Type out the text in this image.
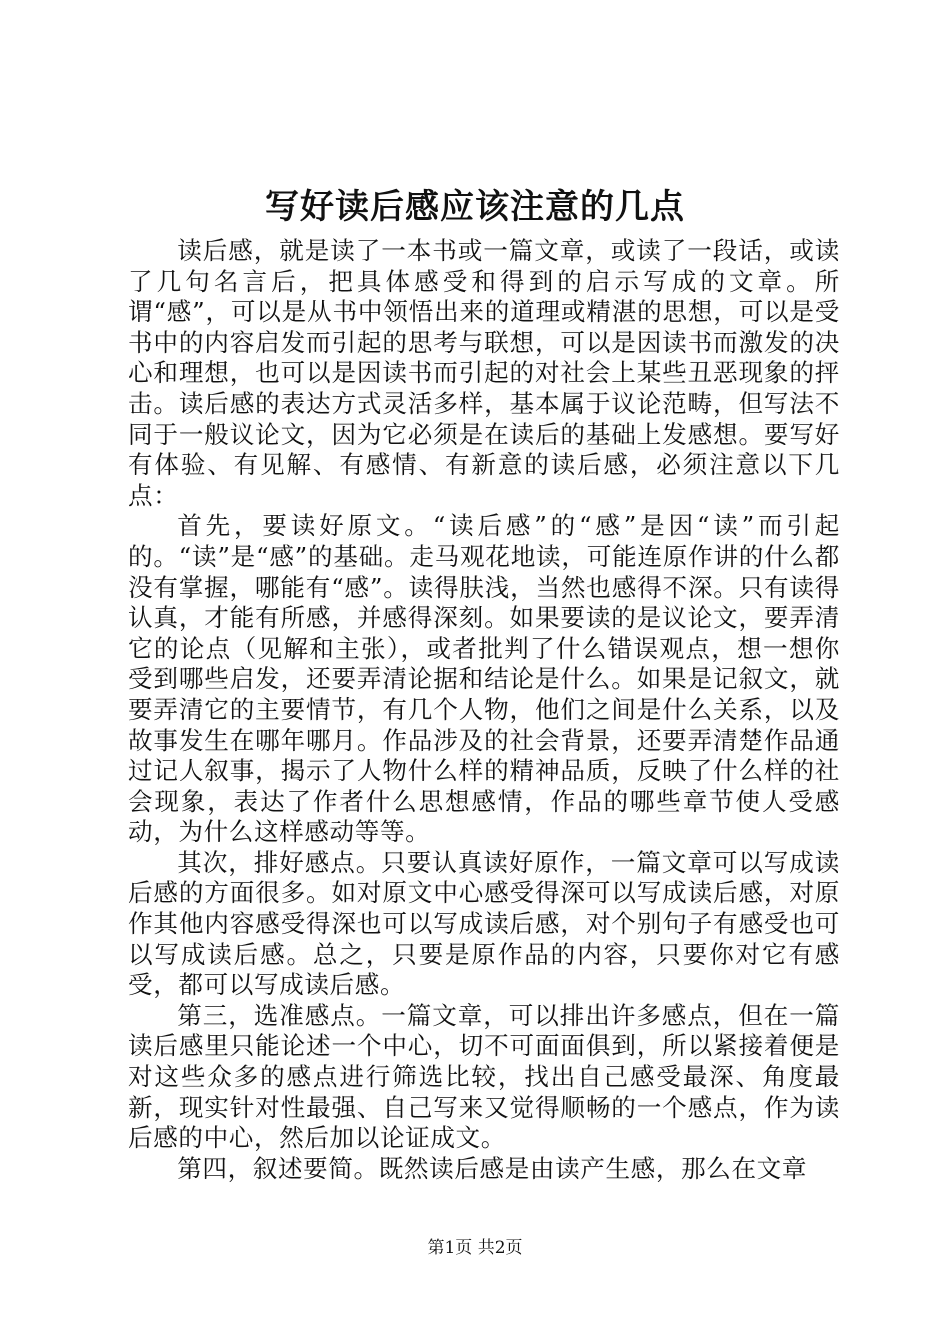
写好读后感应该注意的几点

读后感，就是读了一本书或一篇文章，或读了一段话，或读了几句名言后，把具体感受和得到的启示写成的文章。所谓“感”，可以是从书中领悟出来的道理或精湛的思想，可以是受书中的内容启发而引起的思考与联想，可以是因读书而激发的决心和理想，也可以是因读书而引起的对社会上某些丑恶现象的抨击。读后感的表达方式灵活多样，基本属于议论范畴，但写法不同于一般议论文，因为它必须是在读后的基础上发感想。要写好有体验、有见解、有感情、有新意的读后感，必须注意以下几点：

首先，要读好原文。“读后感”的“感”是因“读”而引起的。“读”是“感”的基础。走马观花地读，可能连原作讲的什么都没有掌握，哪能有“感”。读得肤浅，当然也感得不深。只有读得认真，才能有所感，并感得深刻。如果要读的是议论文，要弄清它的论点（见解和主张），或者批判了什么错误观点，想一想你受到哪些启发，还要弄清论据和结论是什么。如果是记叙文，就要弄清它的主要情节，有几个人物，他们之间是什么关系，以及故事发生在哪年哪月。作品涉及的社会背景，还要弄清楚作品通过记人叙事，揭示了人物什么样的精神品质，反映了什么样的社会现象，表达了作者什么思想感情，作品的哪些章节使人受感动，为什么这样感动等等。

其次，排好感点。只要认真读好原作，一篇文章可以写成读后感的方面很多。如对原文中心感受得深可以写成读后感，对原作其他内容感受得深也可以写成读后感，对个别句子有感受也可以写成读后感。总之，只要是原作品的内容，只要你对它有感受，都可以写成读后感。

第三，选准感点。一篇文章，可以排出许多感点，但在一篇读后感里只能论述一个中心，切不可面面俱到，所以紧接着便是对这些众多的感点进行筛选比较，找出自己感受最深、角度最新，现实针对性最强、自己写来又觉得顺畅的一个感点，作为读后感的中心，然后加以论证成文。

第四，叙述要简。既然读后感是由读产生感，那么在文章

第1页 共2页
